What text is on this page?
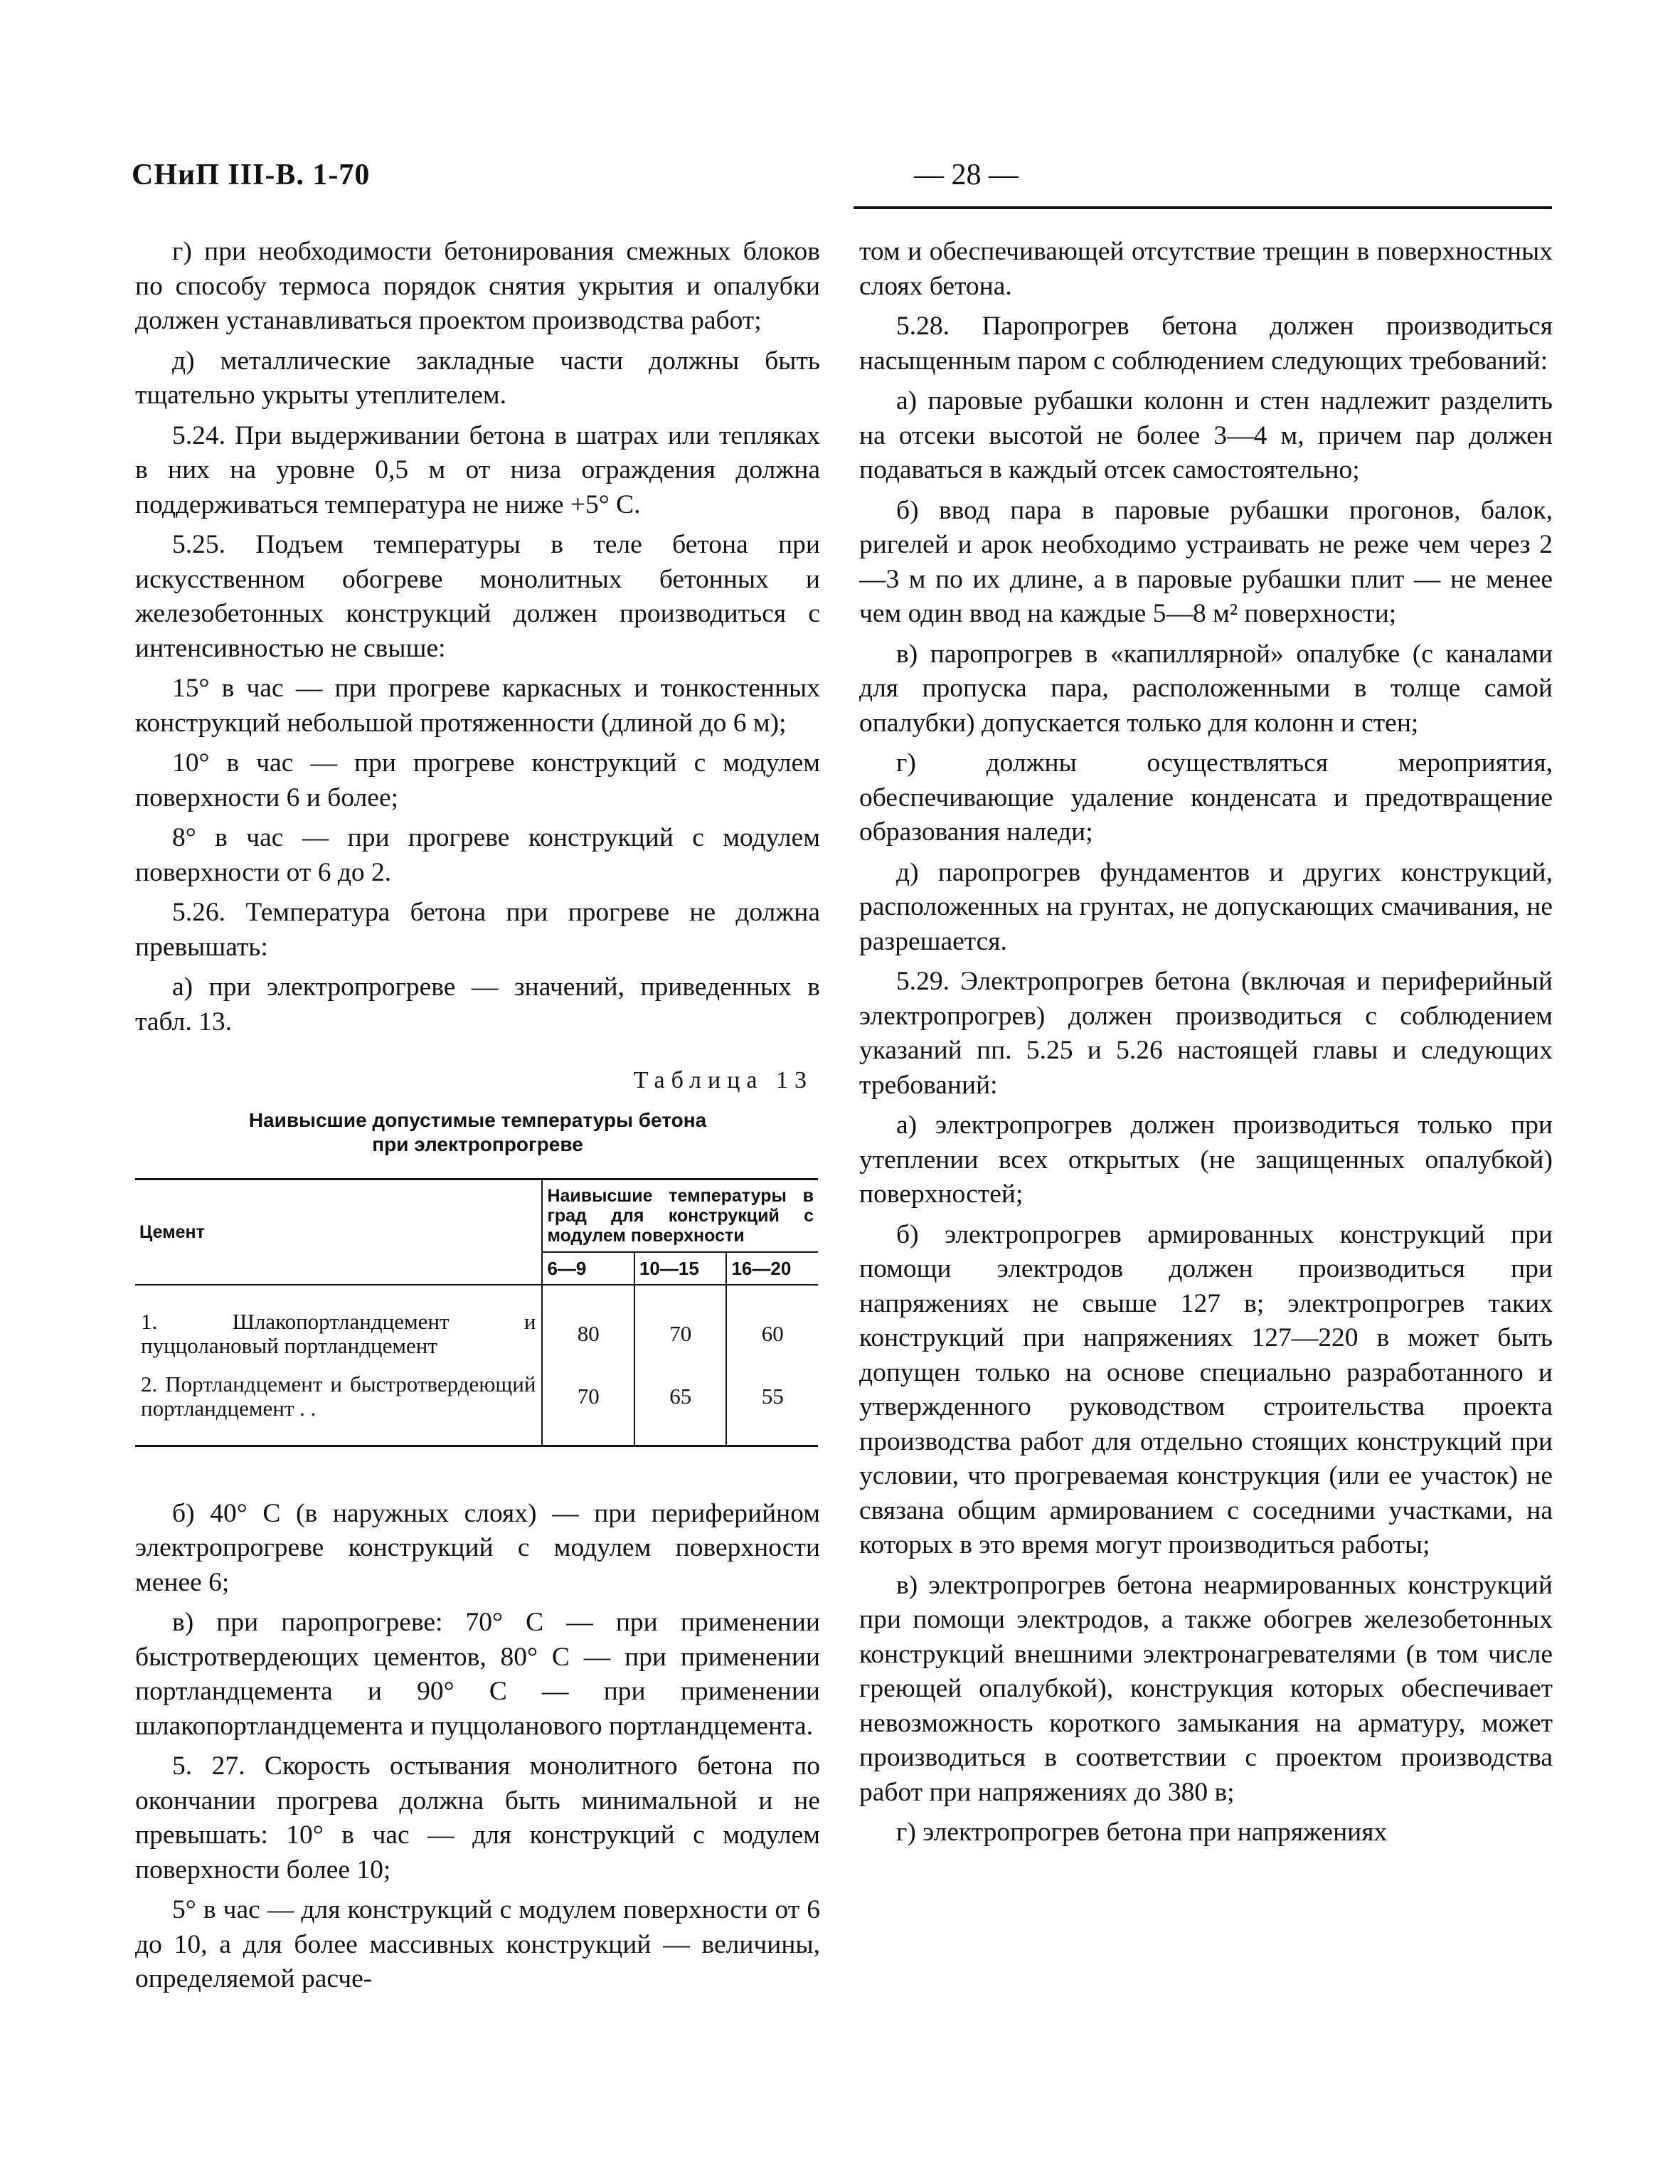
СНиП III-В. 1-70	— 28 —

г) при необходимости бетонирования смежных блоков по способу термоса порядок снятия укрытия и опалубки должен устанавливаться проектом производства работ;

д) металлические закладные части должны быть тщательно укрыты утеплителем.

5.24. При выдерживании бетона в шатрах или тепляках в них на уровне 0,5 м от низа ограждения должна поддерживаться температура не ниже +5° С.

5.25. Подъем температуры в теле бетона при искусственном обогреве монолитных бетонных и железобетонных конструкций должен производиться с интенсивностью не свыше:

15° в час — при прогреве каркасных и тонкостенных конструкций небольшой протяженности (длиной до 6 м);

10° в час — при прогреве конструкций с модулем поверхности 6 и более;

8° в час — при прогреве конструкций с модулем поверхности от 6 до 2.

5.26. Температура бетона при прогреве не должна превышать:

а) при электропрогреве — значений, приведенных в табл. 13.

Таблица 13
Наивысшие допустимые температуры бетона
при электропрогреве
Цемент	Наивысшие температуры в град для конструкций с модулем поверхности		
	6—9	10—15	16—20
1. Шлакопортландцемент и пуццолановый портландцемент	80	70	60
2. Портландцемент и быстротвердеющий портландцемент . .	70	65	55

б) 40° С (в наружных слоях) — при периферийном электропрогреве конструкций с модулем поверхности менее 6;

в) при паропрогреве: 70° С — при применении быстротвердеющих цементов, 80° С — при применении портландцемента и 90° С — при применении шлакопортландцемента и пуццоланового портландцемента.

5. 27. Скорость остывания монолитного бетона по окончании прогрева должна быть минимальной и не превышать: 10° в час — для конструкций с модулем поверхности более 10;

5° в час — для конструкций с модулем поверхности от 6 до 10, а для более массивных конструкций — величины, определяемой расче-

том и обеспечивающей отсутствие трещин в поверхностных слоях бетона.

5.28. Паропрогрев бетона должен производиться насыщенным паром с соблюдением следующих требований:

а) паровые рубашки колонн и стен надлежит разделить на отсеки высотой не более 3—4 м, причем пар должен подаваться в каждый отсек самостоятельно;

б) ввод пара в паровые рубашки прогонов, балок, ригелей и арок необходимо устраивать не реже чем через 2—3 м по их длине, а в паровые рубашки плит — не менее чем один ввод на каждые 5—8 м² поверхности;

в) паропрогрев в «капиллярной» опалубке (с каналами для пропуска пара, расположенными в толще самой опалубки) допускается только для колонн и стен;

г) должны осуществляться мероприятия, обеспечивающие удаление конденсата и предотвращение образования наледи;

д) паропрогрев фундаментов и других конструкций, расположенных на грунтах, не допускающих смачивания, не разрешается.

5.29. Электропрогрев бетона (включая и периферийный электропрогрев) должен производиться с соблюдением указаний пп. 5.25 и 5.26 настоящей главы и следующих требований:

а) электропрогрев должен производиться только при утеплении всех открытых (не защищенных опалубкой) поверхностей;

б) электропрогрев армированных конструкций при помощи электродов должен производиться при напряжениях не свыше 127 в; электропрогрев таких конструкций при напряжениях 127—220 в может быть допущен только на основе специально разработанного и утвержденного руководством строительства проекта производства работ для отдельно стоящих конструкций при условии, что прогреваемая конструкция (или ее участок) не связана общим армированием с соседними участками, на которых в это время могут производиться работы;

в) электропрогрев бетона неармированных конструкций при помощи электродов, а также обогрев железобетонных конструкций внешними электронагревателями (в том числе греющей опалубкой), конструкция которых обеспечивает невозможность короткого замыкания на арматуру, может производиться в соответствии с проектом производства работ при напряжениях до 380 в;

г) электропрогрев бетона при напряжениях
